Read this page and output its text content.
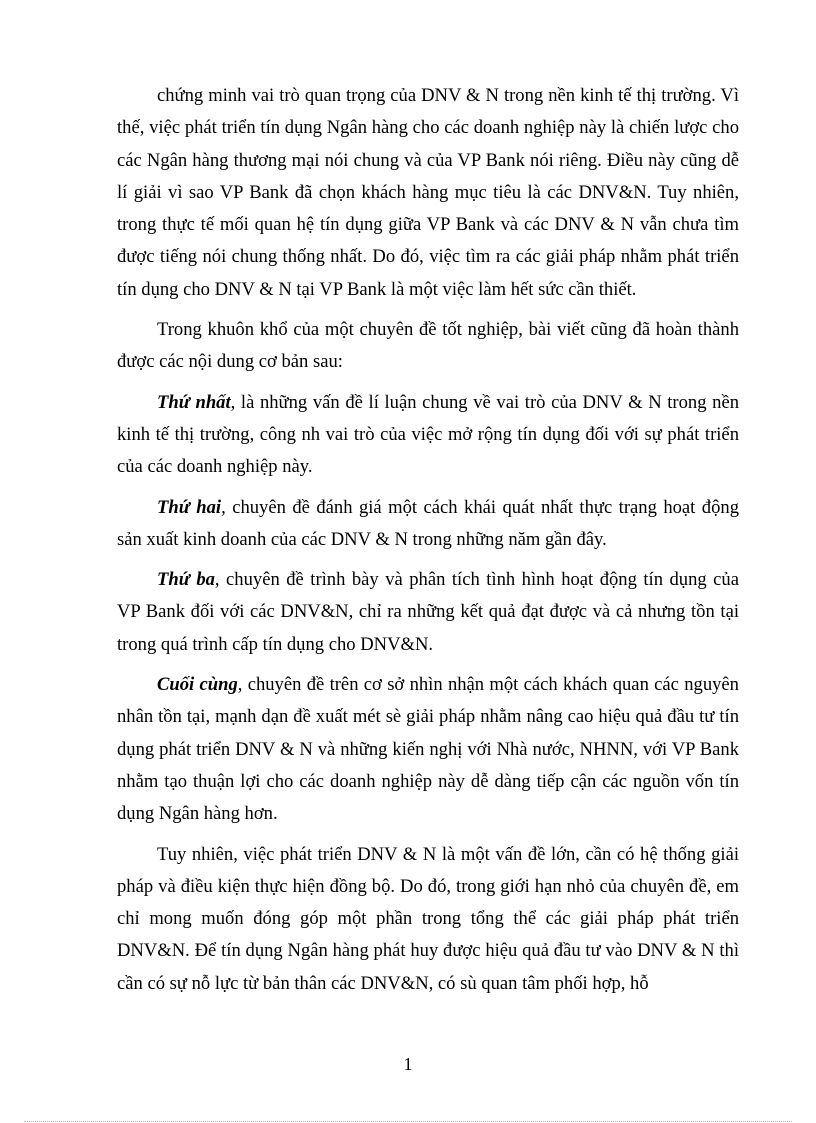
chứng minh vai trò quan trọng của DNV & N trong nền kinh tế thị trường. Vì thế, việc phát triển tín dụng Ngân hàng cho các doanh nghiệp này là chiến lược cho các Ngân hàng thương mại nói chung và của VP Bank nói riêng. Điều này cũng dễ lí giải vì sao VP Bank đã chọn khách hàng mục tiêu là các DNV&N. Tuy nhiên, trong thực tế mối quan hệ tín dụng giữa VP Bank và các DNV & N vẫn chưa tìm được tiếng nói chung thống nhất. Do đó, việc tìm ra các giải pháp nhằm phát triển tín dụng cho DNV & N tại VP Bank là một việc làm hết sức cần thiết.

Trong khuôn khổ của một chuyên đề tốt nghiệp, bài viết cũng đã hoàn thành được các nội dung cơ bản sau:

Thứ nhất, là những vấn đề lí luận chung về vai trò của DNV & N trong nền kinh tế thị trường, công nh vai trò của việc mở rộng tín dụng đối với sự phát triển của các doanh nghiệp này.

Thứ hai, chuyên đề đánh giá một cách khái quát nhất thực trạng hoạt động sản xuất kinh doanh của các DNV & N trong những năm gần đây.

Thứ ba, chuyên đề trình bày và phân tích tình hình hoạt động tín dụng của VP Bank đối với các DNV&N, chỉ ra những kết quả đạt được và cả nhưng tồn tại trong quá trình cấp tín dụng cho DNV&N.

Cuối cùng, chuyên đề trên cơ sở nhìn nhận một cách khách quan các nguyên nhân tồn tại, mạnh dạn đề xuất mét sè giải pháp nhằm nâng cao hiệu quả đầu tư tín dụng phát triển DNV & N và những kiến nghị với Nhà nước, NHNN, với VP Bank nhằm tạo thuận lợi cho các doanh nghiệp này dễ dàng tiếp cận các nguồn vốn tín dụng Ngân hàng hơn.

Tuy nhiên, việc phát triển DNV & N là một vấn đề lớn, cần có hệ thống giải pháp và điều kiện thực hiện đồng bộ. Do đó, trong giới hạn nhỏ của chuyên đề, em chỉ mong muốn đóng góp một phần trong tổng thể các giải pháp phát triển DNV&N. Để tín dụng Ngân hàng phát huy được hiệu quả đầu tư vào DNV & N thì cần có sự nỗ lực từ bản thân các DNV&N, có sù quan tâm phối hợp, hỗ

1
